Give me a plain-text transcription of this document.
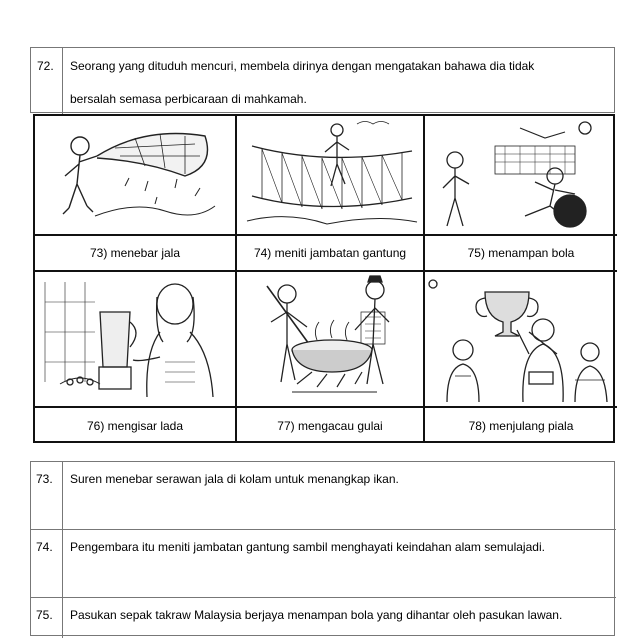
72. Seorang yang dituduh mencuri, membela dirinya dengan mengatakan bahawa dia tidak
bersalah semasa perbicaraan di mahkamah.
73) menebar jala	74) meniti jambatan gantung	75) menampan bola
76) mengisar lada	77) mengacau gulai	78) menjulang piala
73. Suren menebar serawan jala di kolam untuk menangkap ikan.
74. Pengembara itu meniti jambatan gantung sambil menghayati keindahan alam semulajadi.
75. Pasukan sepak takraw Malaysia berjaya menampan bola yang dihantar oleh pasukan lawan.
